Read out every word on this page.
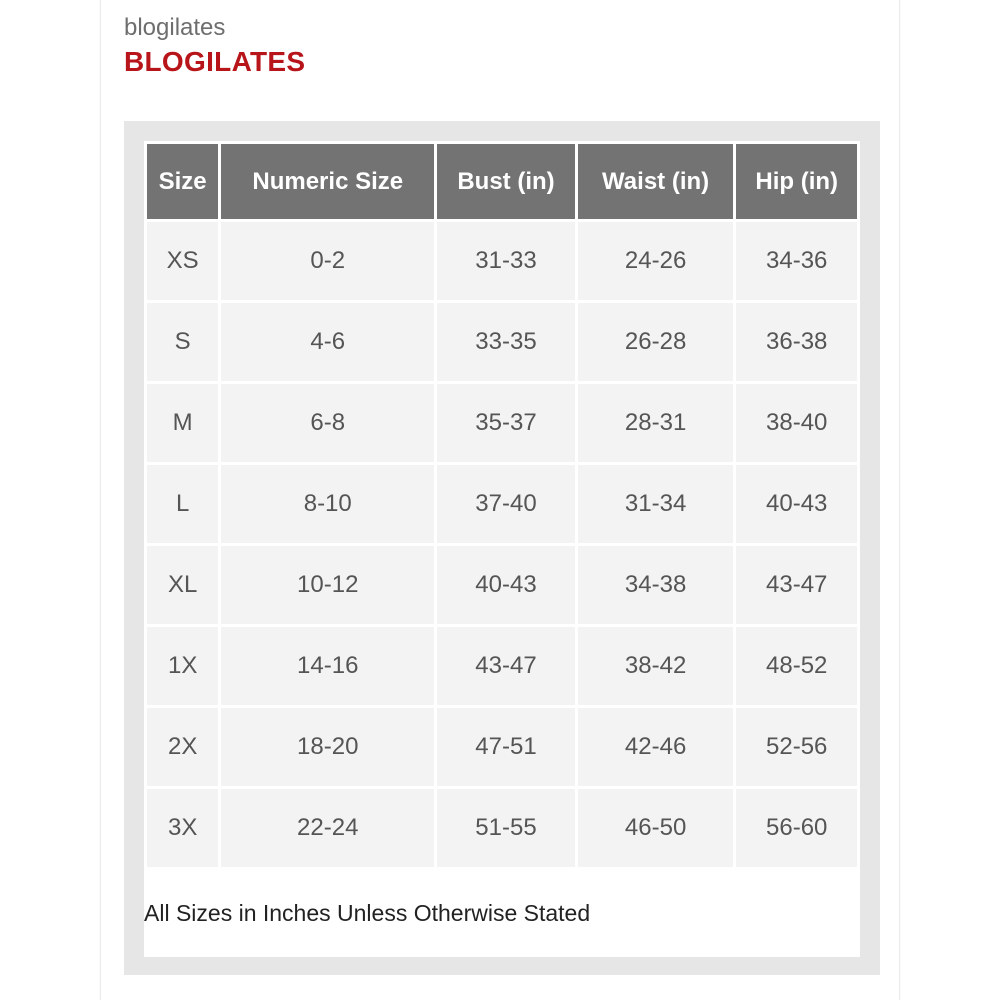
blogilates
BLOGILATES
Size	Numeric Size	Bust (in)	Waist (in)	Hip (in)
XS	0-2	31-33	24-26	34-36
S	4-6	33-35	26-28	36-38
M	6-8	35-37	28-31	38-40
L	8-10	37-40	31-34	40-43
XL	10-12	40-43	34-38	43-47
1X	14-16	43-47	38-42	48-52
2X	18-20	47-51	42-46	52-56
3X	22-24	51-55	46-50	56-60
All Sizes in Inches Unless Otherwise Stated
